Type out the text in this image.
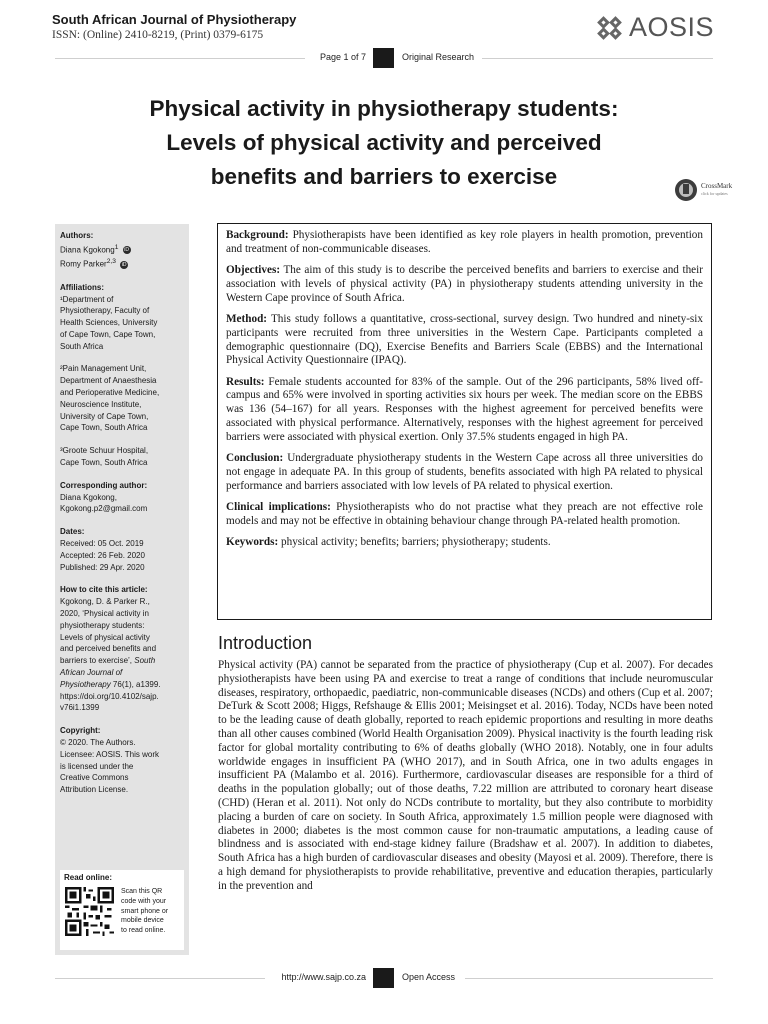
South African Journal of Physiotherapy
ISSN: (Online) 2410-8219, (Print) 0379-6175	AOSIS
Page 1 of 7	Original Research
Physical activity in physiotherapy students:
Levels of physical activity and perceived
benefits and barriers to exercise	CrossMark
click for updates
Authors:
Diana Kgokong$^1$ iD
Romy Parker$^{2,3}$ iD
Affiliations:
¹Department of
Physiotherapy, Faculty of
Health Sciences, University
of Cape Town, Cape Town,
South Africa
²Pain Management Unit,
Department of Anaesthesia
and Perioperative Medicine,
Neuroscience Institute,
University of Cape Town,
Cape Town, South Africa
³Groote Schuur Hospital,
Cape Town, South Africa
Corresponding author:
Diana Kgokong,
Kgokong.p2@gmail.com
Dates:
Received: 05 Oct. 2019
Accepted: 26 Feb. 2020
Published: 29 Apr. 2020
How to cite this article:
Kgokong, D. & Parker R.,
2020, ‘Physical activity in
physiotherapy students:
Levels of physical activity
and perceived benefits and
barriers to exercise’, South
African Journal of
Physiotherapy 76(1), a1399.
https://doi.org/10.4102/sajp.
v76i1.1399
Copyright:
© 2020. The Authors.
Licensee: AOSIS. This work
is licensed under the
Creative Commons
Attribution License.
Read online:
Scan this QR
code with your
smart phone or
mobile device
to read online.

Background: Physiotherapists have been identified as key role players in health promotion, prevention and treatment of non-communicable diseases.

Objectives: The aim of this study is to describe the perceived benefits and barriers to exercise and their association with levels of physical activity (PA) in physiotherapy students attending university in the Western Cape province of South Africa.

Method: This study follows a quantitative, cross-sectional, survey design. Two hundred and ninety-six participants were recruited from three universities in the Western Cape. Participants completed a demographic questionnaire (DQ), Exercise Benefits and Barriers Scale (EBBS) and the International Physical Activity Questionnaire (IPAQ).

Results: Female students accounted for 83% of the sample. Out of the 296 participants, 58% lived off-campus and 65% were involved in sporting activities six hours per week. The median score on the EBBS was 136 (54–167) for all years. Responses with the highest agreement for perceived benefits were associated with physical performance. Alternatively, responses with the highest agreement for perceived barriers were associated with physical exertion. Only 37.5% students engaged in high PA.

Conclusion: Undergraduate physiotherapy students in the Western Cape across all three universities do not engage in adequate PA. In this group of students, benefits associated with high PA related to physical performance and barriers associated with low levels of PA related to physical exertion.

Clinical implications: Physiotherapists who do not practise what they preach are not effective role models and may not be effective in obtaining behaviour change through PA-related health promotion.

Keywords: physical activity; benefits; barriers; physiotherapy; students.

Introduction
Physical activity (PA) cannot be separated from the practice of physiotherapy (Cup et al. 2007). For decades physiotherapists have been using PA and exercise to treat a range of conditions that include neuromuscular diseases, respiratory, orthopaedic, paediatric, non-communicable diseases (NCDs) and others (Cup et al. 2007; DeTurk & Scott 2008; Higgs, Refshauge & Ellis 2001; Meisingset et al. 2016). Today, NCDs have been noted to be the leading cause of death globally, reported to reach epidemic proportions and resulting in more deaths than all other causes combined (World Health Organisation 2009). Physical inactivity is the fourth leading risk factor for global mortality contributing to 6% of deaths globally (WHO 2018). Notably, one in four adults worldwide engages in insufficient PA (WHO 2017), and in South Africa, one in two adults engages in insufficient PA (Malambo et al. 2016). Furthermore, cardiovascular diseases are responsible for a third of deaths in the population globally; out of those deaths, 7.22 million are attributed to coronary heart disease (CHD) (Heran et al. 2011). Not only do NCDs contribute to mortality, but they also contribute to morbidity placing a burden of care on society. In South Africa, approximately 1.5 million people were diagnosed with diabetes in 2000; diabetes is the most common cause for non-traumatic amputations, a leading cause of blindness and is associated with end-stage kidney failure (Bradshaw et al. 2007). In addition to diabetes, South Africa has a high burden of cardiovascular diseases and obesity (Mayosi et al. 2009). Therefore, there is a high demand for physiotherapists to provide rehabilitative, preventive and education therapies, particularly in the prevention and
http://www.sajp.co.za	Open Access
